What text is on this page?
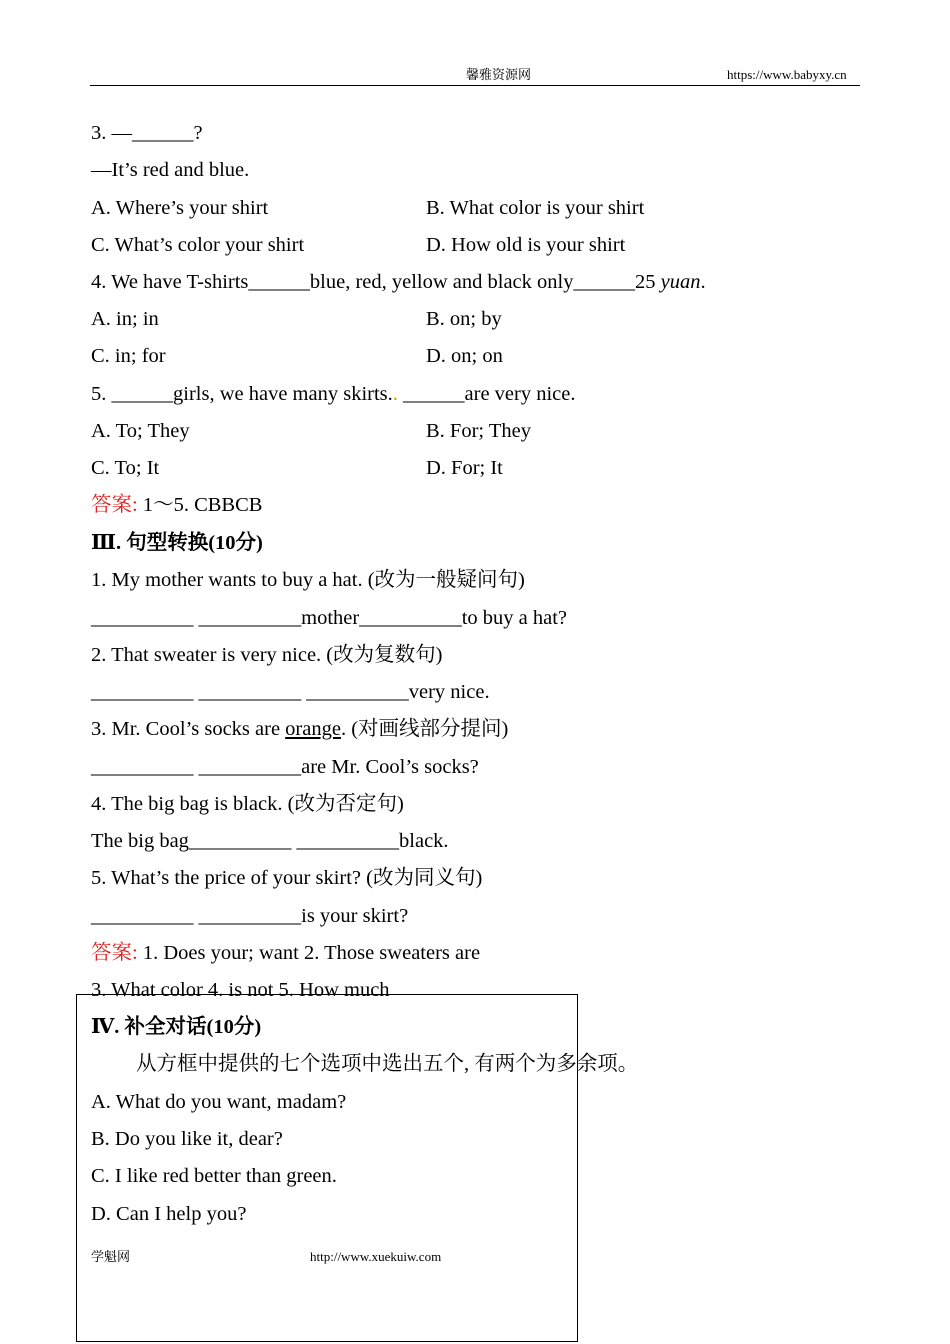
馨雅资源网	https://www.babyxy.cn
3. —______?
—It’s red and blue.
A. Where’s your shirt	B. What color is your shirt
C. What’s color your shirt	D. How old is your shirt
4. We have T-shirts______blue, red, yellow and black only______25 yuan.
A. in; in	B. on; by
C. in; for	D. on; on
5. ______girls, we have many skirts.. ______are very nice.
A. To; They	B. For; They
C. To; It	D. For; It
答案: 1～5. CBBCB
Ⅲ. 句型转换(10分)
1. My mother wants to buy a hat. (改为一般疑问句)
__________ __________mother__________to buy a hat?
2. That sweater is very nice. (改为复数句)
__________ __________ __________very nice.
3. Mr. Cool’s socks are orange. (对画线部分提问)
__________ __________are Mr. Cool’s socks?
4. The big bag is black. (改为否定句)
The big bag__________ __________black.
5. What’s the price of your skirt? (改为同义句)
__________ __________is your skirt?
答案: 1. Does your; want 2. Those sweaters are
3. What color 4. is not 5. How much
Ⅳ. 补全对话(10分)
从方框中提供的七个选项中选出五个, 有两个为多余项。
A. What do you want, madam?
B. Do you like it, dear?
C. I like red better than green.
D. Can I help you?
学魁网	http://www.xuekuiw.com
